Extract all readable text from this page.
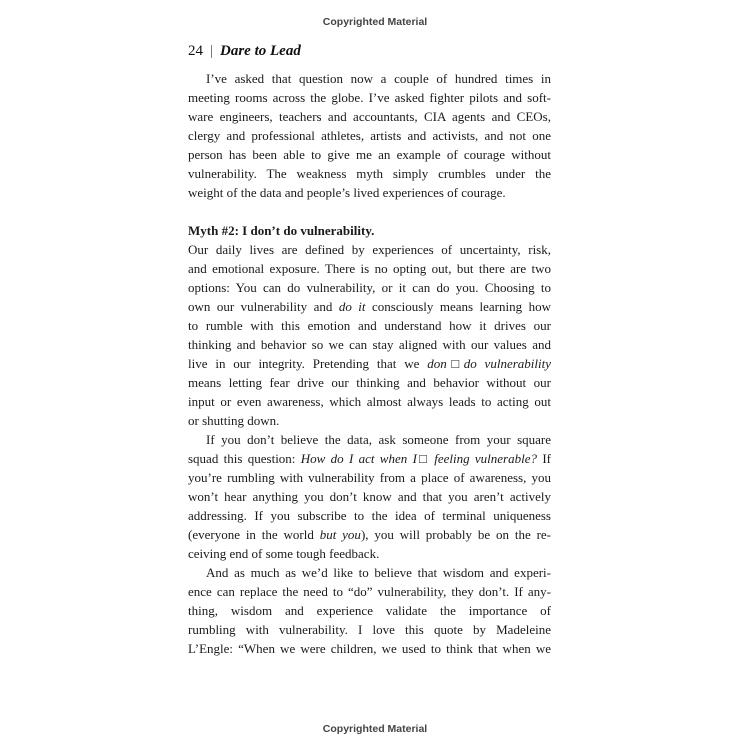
Copyrighted Material
24 | Dare to Lead
I’ve asked that question now a couple of hundred times in
meeting rooms across the globe. I’ve asked fighter pilots and soft-
ware engineers, teachers and accountants, CIA agents and CEOs,
clergy and professional athletes, artists and activists, and not one
person has been able to give me an example of courage without
vulnerability. The weakness myth simply crumbles under the
weight of the data and people’s lived experiences of courage.
Myth #2: I don’t do vulnerability.
Our daily lives are defined by experiences of uncertainty, risk,
and emotional exposure. There is no opting out, but there are two
options: You can do vulnerability, or it can do you. Choosing to
own our vulnerability and do it consciously means learning how
to rumble with this emotion and understand how it drives our
thinking and behavior so we can stay aligned with our values and
live in our integrity. Pretending that we don□do vulnerability
means letting fear drive our thinking and behavior without our
input or even awareness, which almost always leads to acting out
or shutting down.
If you don’t believe the data, ask someone from your square
squad this question: How do I act when I□ feeling vulnerable? If
you’re rumbling with vulnerability from a place of awareness, you
won’t hear anything you don’t know and that you aren’t actively
addressing. If you subscribe to the idea of terminal uniqueness
(everyone in the world but you), you will probably be on the re-
ceiving end of some tough feedback.
And as much as we’d like to believe that wisdom and experi-
ence can replace the need to “do” vulnerability, they don’t. If any-
thing, wisdom and experience validate the importance of
rumbling with vulnerability. I love this quote by Madeleine
L’Engle: “When we were children, we used to think that when we
Copyrighted Material
